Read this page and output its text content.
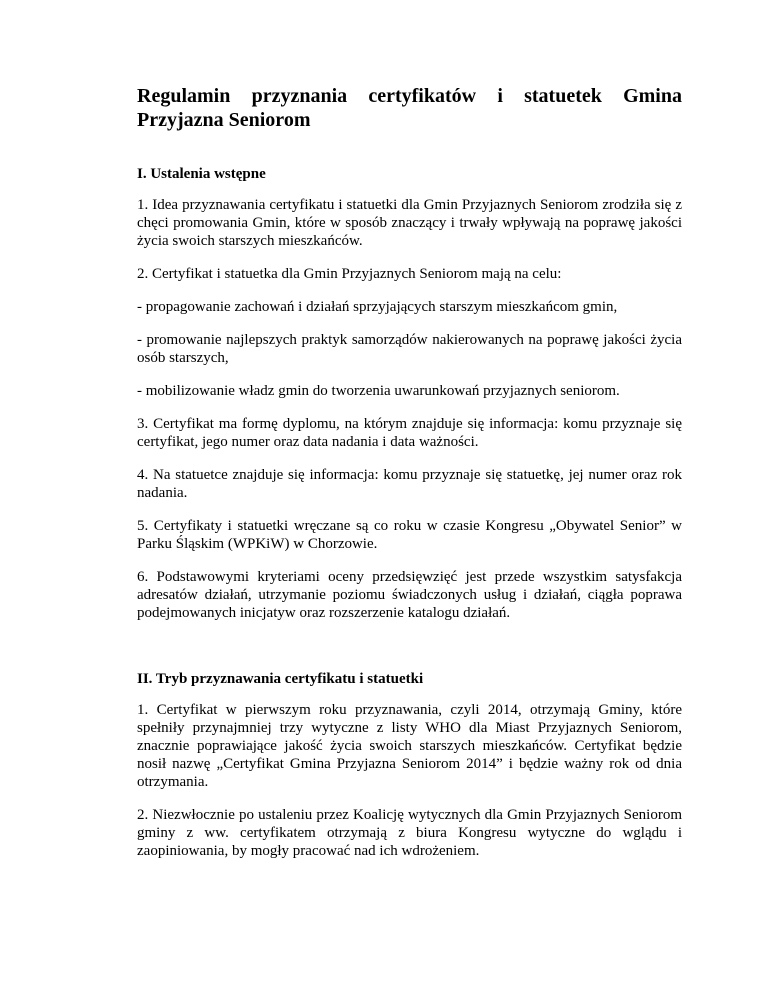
Regulamin przyznania certyfikatów i statuetek Gmina Przyjazna Seniorom
I. Ustalenia wstępne

1. Idea przyznawania certyfikatu i statuetki dla Gmin Przyjaznych Seniorom zrodziła się z chęci promowania Gmin, które w sposób znaczący i trwały wpływają na poprawę jakości życia swoich starszych mieszkańców.

2. Certyfikat i statuetka dla Gmin Przyjaznych Seniorom mają na celu:

- propagowanie zachowań i działań sprzyjających starszym mieszkańcom gmin,

- promowanie najlepszych praktyk samorządów nakierowanych na poprawę jakości życia osób starszych,

- mobilizowanie władz gmin do tworzenia uwarunkowań przyjaznych seniorom.

3. Certyfikat ma formę dyplomu, na którym znajduje się informacja: komu przyznaje się certyfikat, jego numer oraz data nadania i data ważności.

4. Na statuetce znajduje się informacja: komu przyznaje się statuetkę, jej numer oraz rok nadania.

5. Certyfikaty i statuetki wręczane są co roku w czasie Kongresu „Obywatel Senior” w Parku Śląskim (WPKiW) w Chorzowie.

6. Podstawowymi kryteriami oceny przedsięwzięć jest przede wszystkim satysfakcja adresatów działań, utrzymanie poziomu świadczonych usług i działań, ciągła poprawa podejmowanych inicjatyw oraz rozszerzenie katalogu działań.

II. Tryb przyznawania certyfikatu i statuetki

1. Certyfikat w pierwszym roku przyznawania, czyli 2014, otrzymają Gminy, które spełniły przynajmniej trzy wytyczne z listy WHO dla Miast Przyjaznych Seniorom, znacznie poprawiające jakość życia swoich starszych mieszkańców. Certyfikat będzie nosił nazwę „Certyfikat Gmina Przyjazna Seniorom 2014” i będzie ważny rok od dnia otrzymania.

2. Niezwłocznie po ustaleniu przez Koalicję wytycznych dla Gmin Przyjaznych Seniorom gminy z ww. certyfikatem otrzymają z biura Kongresu wytyczne do wglądu i zaopiniowania, by mogły pracować nad ich wdrożeniem.
